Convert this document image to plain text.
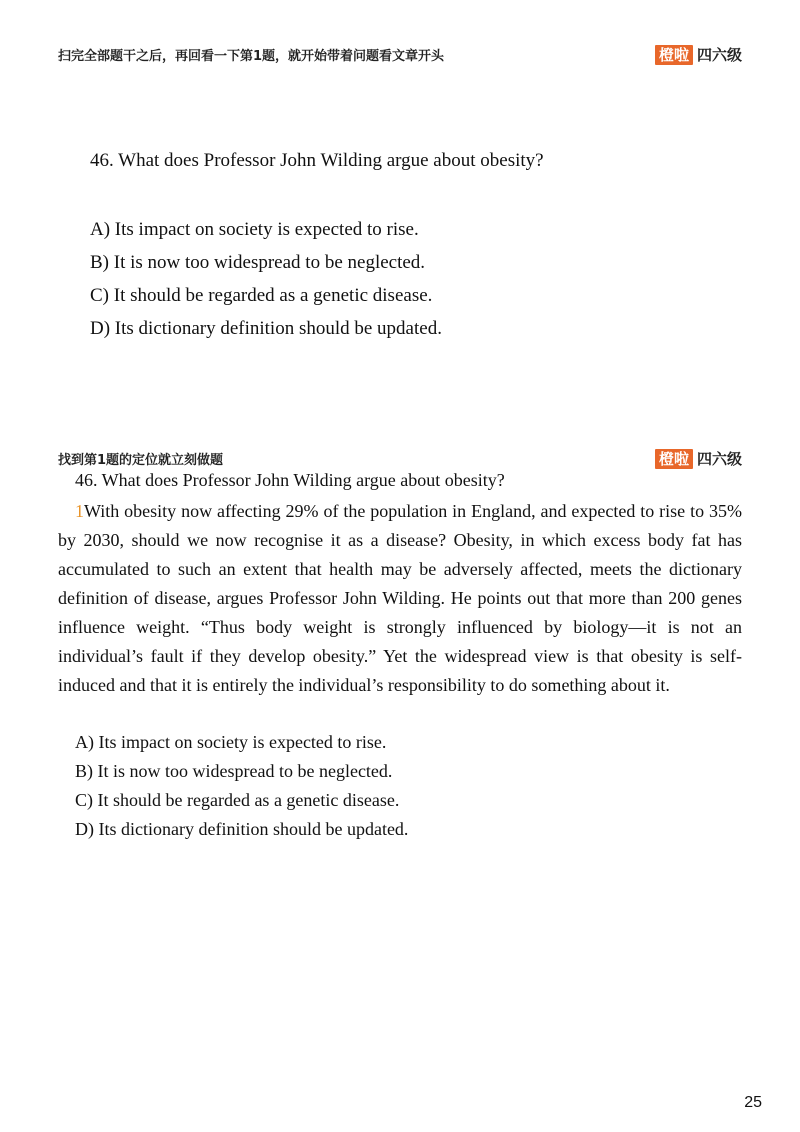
扫完全部题干之后，再回看一下第1题，就开始带着问题看文章开头	橙啦 四六级
46. What does Professor John Wilding argue about obesity?
A) Its impact on society is expected to rise.
B) It is now too widespread to be neglected.
C) It should be regarded as a genetic disease.
D) Its dictionary definition should be updated.
找到第1题的定位就立刻做题	橙啦 四六级
46. What does Professor John Wilding argue about obesity?
1With obesity now affecting 29% of the population in England, and expected to rise to 35% by 2030, should we now recognise it as a disease? Obesity, in which excess body fat has accumulated to such an extent that health may be adversely affected, meets the dictionary definition of disease, argues Professor John Wilding. He points out that more than 200 genes influence weight. “Thus body weight is strongly influenced by biology—it is not an individual’s fault if they develop obesity.” Yet the widespread view is that obesity is self-induced and that it is entirely the individual’s responsibility to do something about it.
A) Its impact on society is expected to rise.
B) It is now too widespread to be neglected.
C) It should be regarded as a genetic disease.
D) Its dictionary definition should be updated.
25
